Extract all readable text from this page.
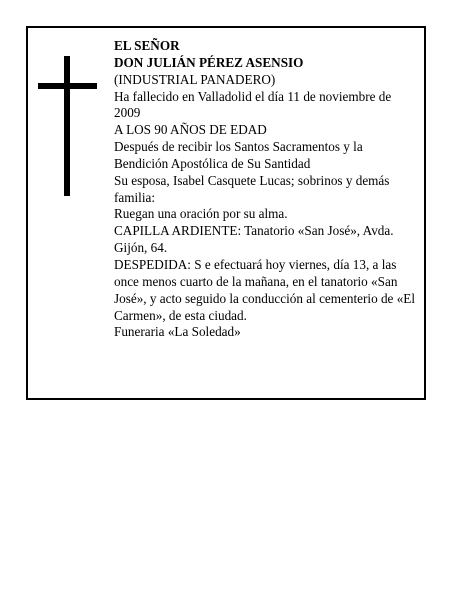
EL SEÑOR
DON JULIÁN PÉREZ ASENSIO
(INDUSTRIAL PANADERO)
Ha fallecido en Valladolid el día 11 de noviembre de
2009
A LOS 90 AÑOS DE EDAD
Después de recibir los Santos Sacramentos y la
Bendición Apostólica de Su Santidad
Su esposa, Isabel Casquete Lucas; sobrinos y demás
familia:
Ruegan una oración por su alma.
CAPILLA ARDIENTE: Tanatorio «San José», Avda.
Gijón, 64.
DESPEDIDA: S e efectuará hoy viernes, día 13, a las
once menos cuarto de la mañana, en el tanatorio «San
José», y acto seguido la conducción al cementerio de «El
Carmen», de esta ciudad.
Funeraria «La Soledad»
